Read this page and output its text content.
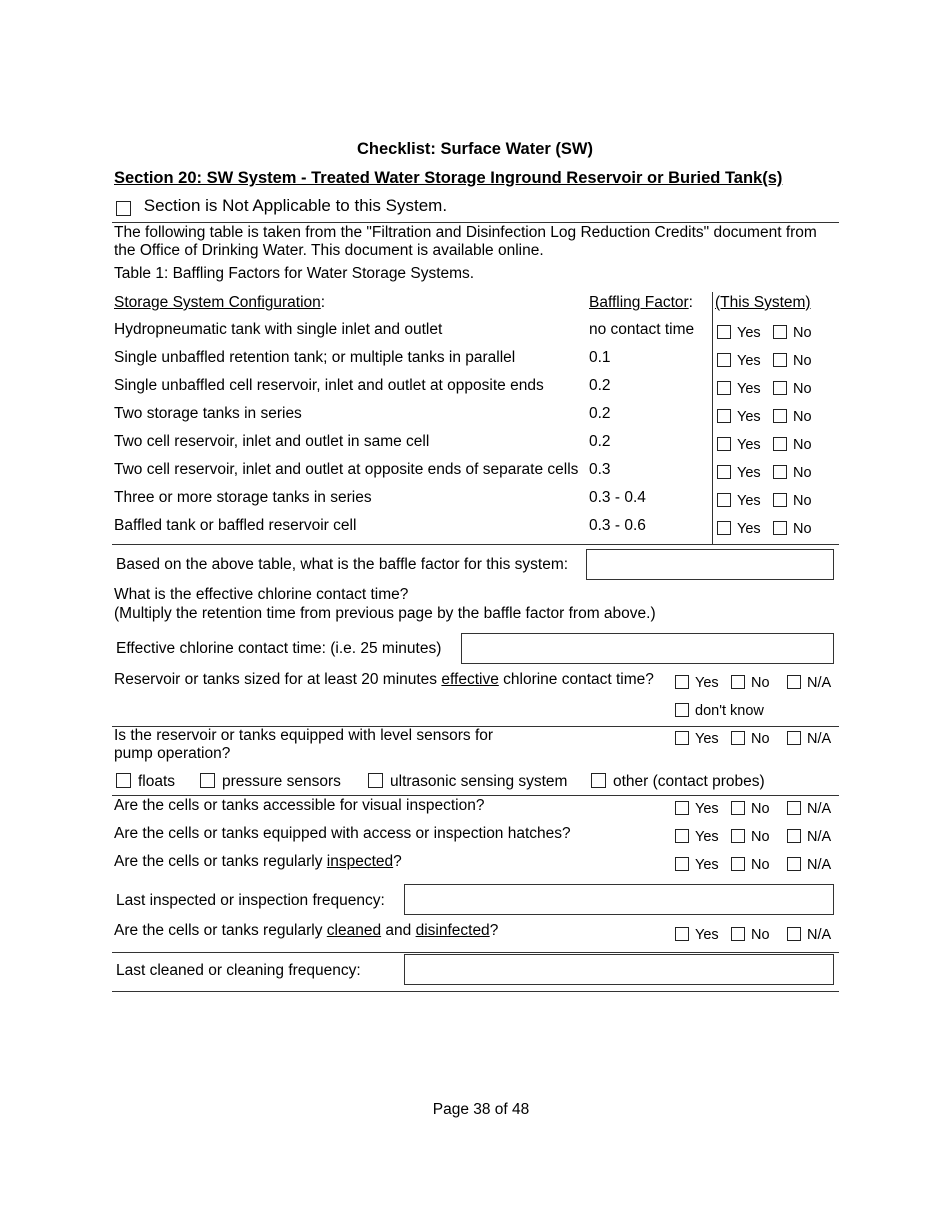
Checklist: Surface Water (SW)
Section 20: SW System - Treated Water Storage Inground Reservoir or Buried Tank(s)
Section is Not Applicable to this System.
The following table is taken from the "Filtration and Disinfection Log Reduction Credits" document from
the Office of Drinking Water. This document is available online.
Table 1: Baffling Factors for Water Storage Systems.
Storage System Configuration:	Baffling Factor: (This System)
Hydropneumatic tank with single inlet and outlet	no contact time	Yes	No
Single unbaffled retention tank; or multiple tanks in parallel	0.1	Yes	No
Single unbaffled cell reservoir, inlet and outlet at opposite ends	0.2	Yes	No
Two storage tanks in series	0.2	Yes	No
Two cell reservoir, inlet and outlet in same cell	0.2	Yes	No
Two cell reservoir, inlet and outlet at opposite ends of separate cells 0.3	Yes	No
Three or more storage tanks in series	0.3 - 0.4	Yes	No
Baffled tank or baffled reservoir cell	0.3 - 0.6	Yes	No
Based on the above table, what is the baffle factor for this system:
What is the effective chlorine contact time?
(Multiply the retention time from previous page by the baffle factor from above.)
Effective chlorine contact time: (i.e. 25 minutes)
Reservoir or tanks sized for at least 20 minutes effective chlorine contact time?	Yes	No	N/A
don't know
Is the reservoir or tanks equipped with level sensors for
pump operation?
Yes	No	N/A
floats	pressure sensors	ultrasonic sensing system	other (contact probes)
Are the cells or tanks accessible for visual inspection?	Yes	No	N/A
Are the cells or tanks equipped with access or inspection hatches?	Yes	No	N/A
Are the cells or tanks regularly inspected?	Yes	No	N/A
Last inspected or inspection frequency:
Are the cells or tanks regularly cleaned and disinfected?	Yes	No	N/A
Last cleaned or cleaning frequency:
Page 38 of 48
